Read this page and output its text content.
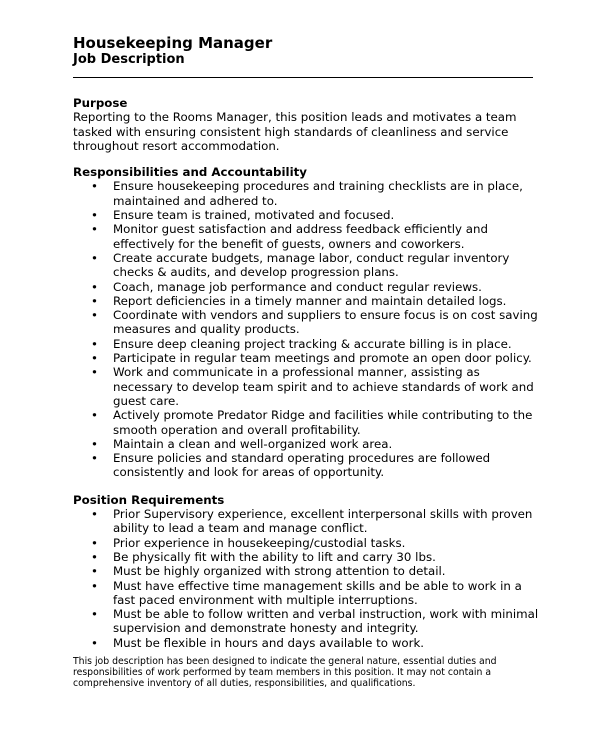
Housekeeping Manager
Job Description
Purpose
Reporting to the Rooms Manager, this position leads and motivates a team tasked with ensuring consistent high standards of cleanliness and service throughout resort accommodation.
Responsibilities and Accountability
• Ensure housekeeping procedures and training checklists are in place, maintained and adhered to.
• Ensure team is trained, motivated and focused.
• Monitor guest satisfaction and address feedback efficiently and effectively for the benefit of guests, owners and coworkers.
• Create accurate budgets, manage labor, conduct regular inventory checks & audits, and develop progression plans.
• Coach, manage job performance and conduct regular reviews.
• Report deficiencies in a timely manner and maintain detailed logs.
• Coordinate with vendors and suppliers to ensure focus is on cost saving measures and quality products.
• Ensure deep cleaning project tracking & accurate billing is in place.
• Participate in regular team meetings and promote an open door policy.
• Work and communicate in a professional manner, assisting as necessary to develop team spirit and to achieve standards of work and guest care.
• Actively promote Predator Ridge and facilities while contributing to the smooth operation and overall profitability.
• Maintain a clean and well-organized work area.
• Ensure policies and standard operating procedures are followed consistently and look for areas of opportunity.
Position Requirements
• Prior Supervisory experience, excellent interpersonal skills with proven ability to lead a team and manage conflict.
• Prior experience in housekeeping/custodial tasks.
• Be physically fit with the ability to lift and carry 30 lbs.
• Must be highly organized with strong attention to detail.
• Must have effective time management skills and be able to work in a fast paced environment with multiple interruptions.
• Must be able to follow written and verbal instruction, work with minimal supervision and demonstrate honesty and integrity.
• Must be flexible in hours and days available to work.
This job description has been designed to indicate the general nature, essential duties and responsibilities of work performed by team members in this position. It may not contain a comprehensive inventory of all duties, responsibilities, and qualifications.
